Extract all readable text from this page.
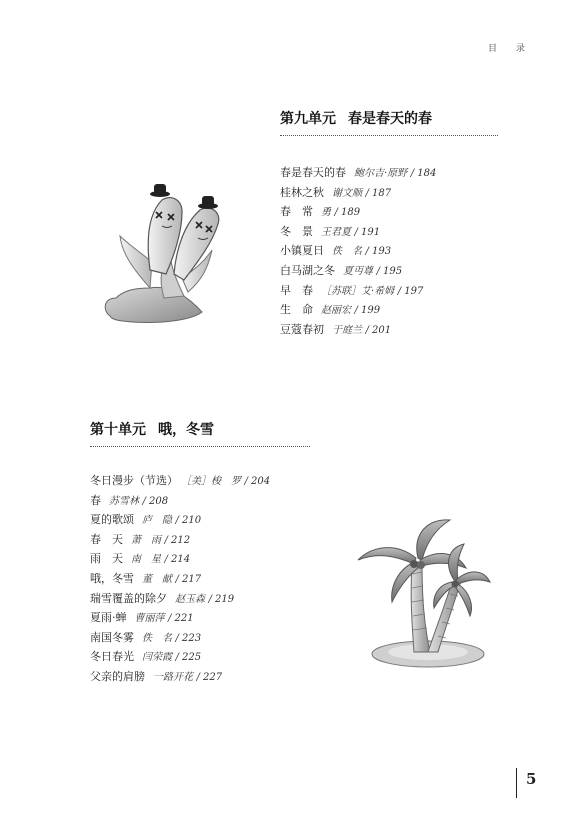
目 录
第九单元 春是春天的春
春是春天的春 鲍尔吉·原野 / 184
桂林之秋 谢文顺 / 187
春　常 勇 / 189
冬　景 王君夏 / 191
小镇夏日 佚　名 / 193
白马湖之冬 夏丏尊 / 195
早　春 ［苏联］艾·希姆 / 197
生　命 赵丽宏 / 199
豆蔻春初 于庭兰 / 201
第十单元 哦，冬雪
冬日漫步（节选） ［美］梭　罗 / 204
春 苏雪林 / 208
夏的歌颂 庐　隐 / 210
春　天 萧　雨 / 212
雨　天 南　星 / 214
哦，冬雪 董　献 / 217
瑞雪覆盖的除夕 赵玉森 / 219
夏雨·蝉 曹丽萍 / 221
南国冬雾 佚　名 / 223
冬日春光 闫荣霞 / 225
父亲的肩膀 一路开花 / 227
5
